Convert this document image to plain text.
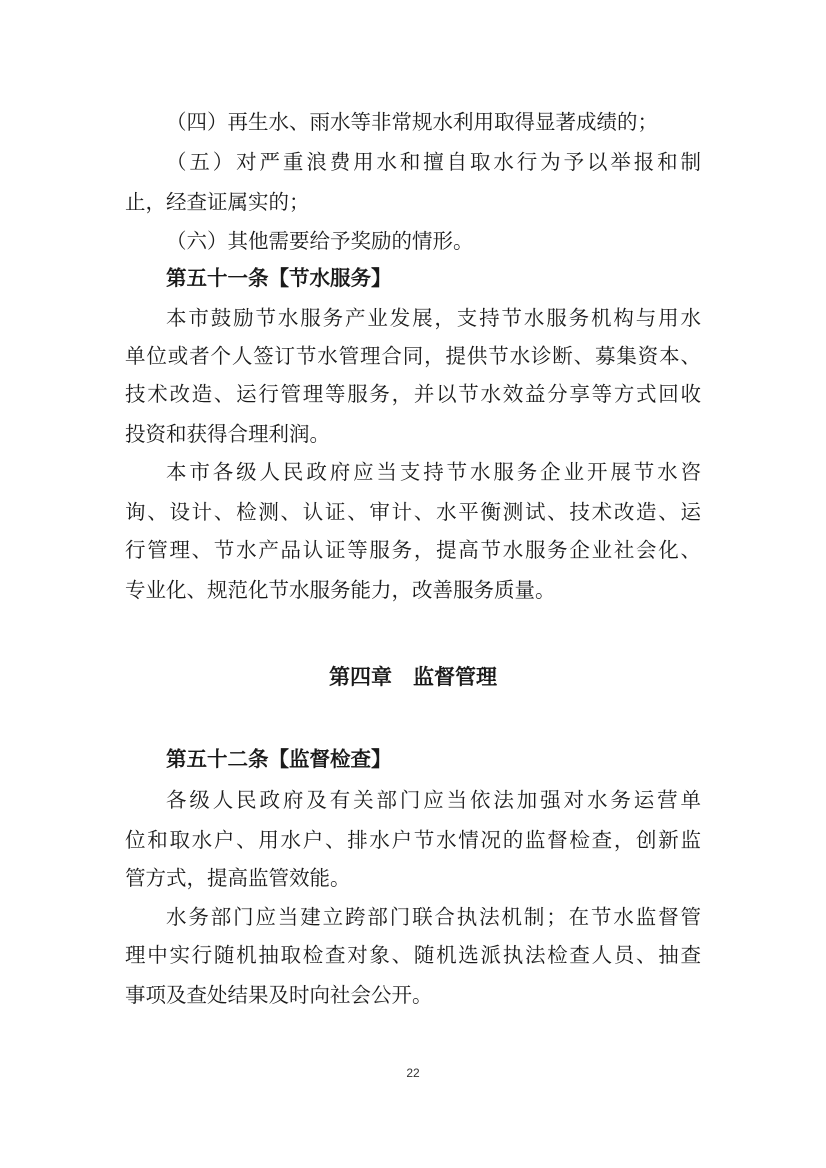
（四）再生水、雨水等非常规水利用取得显著成绩的；
（五）对严重浪费用水和擅自取水行为予以举报和制
止，经查证属实的；
（六）其他需要给予奖励的情形。
第五十一条【节水服务】
本市鼓励节水服务产业发展，支持节水服务机构与用水
单位或者个人签订节水管理合同，提供节水诊断、募集资本、
技术改造、运行管理等服务，并以节水效益分享等方式回收
投资和获得合理利润。
本市各级人民政府应当支持节水服务企业开展节水咨
询、设计、检测、认证、审计、水平衡测试、技术改造、运
行管理、节水产品认证等服务，提高节水服务企业社会化、
专业化、规范化节水服务能力，改善服务质量。
第四章　监督管理
第五十二条【监督检查】
各级人民政府及有关部门应当依法加强对水务运营单
位和取水户、用水户、排水户节水情况的监督检查，创新监
管方式，提高监管效能。
水务部门应当建立跨部门联合执法机制；在节水监督管
理中实行随机抽取检查对象、随机选派执法检查人员、抽查
事项及查处结果及时向社会公开。
22
